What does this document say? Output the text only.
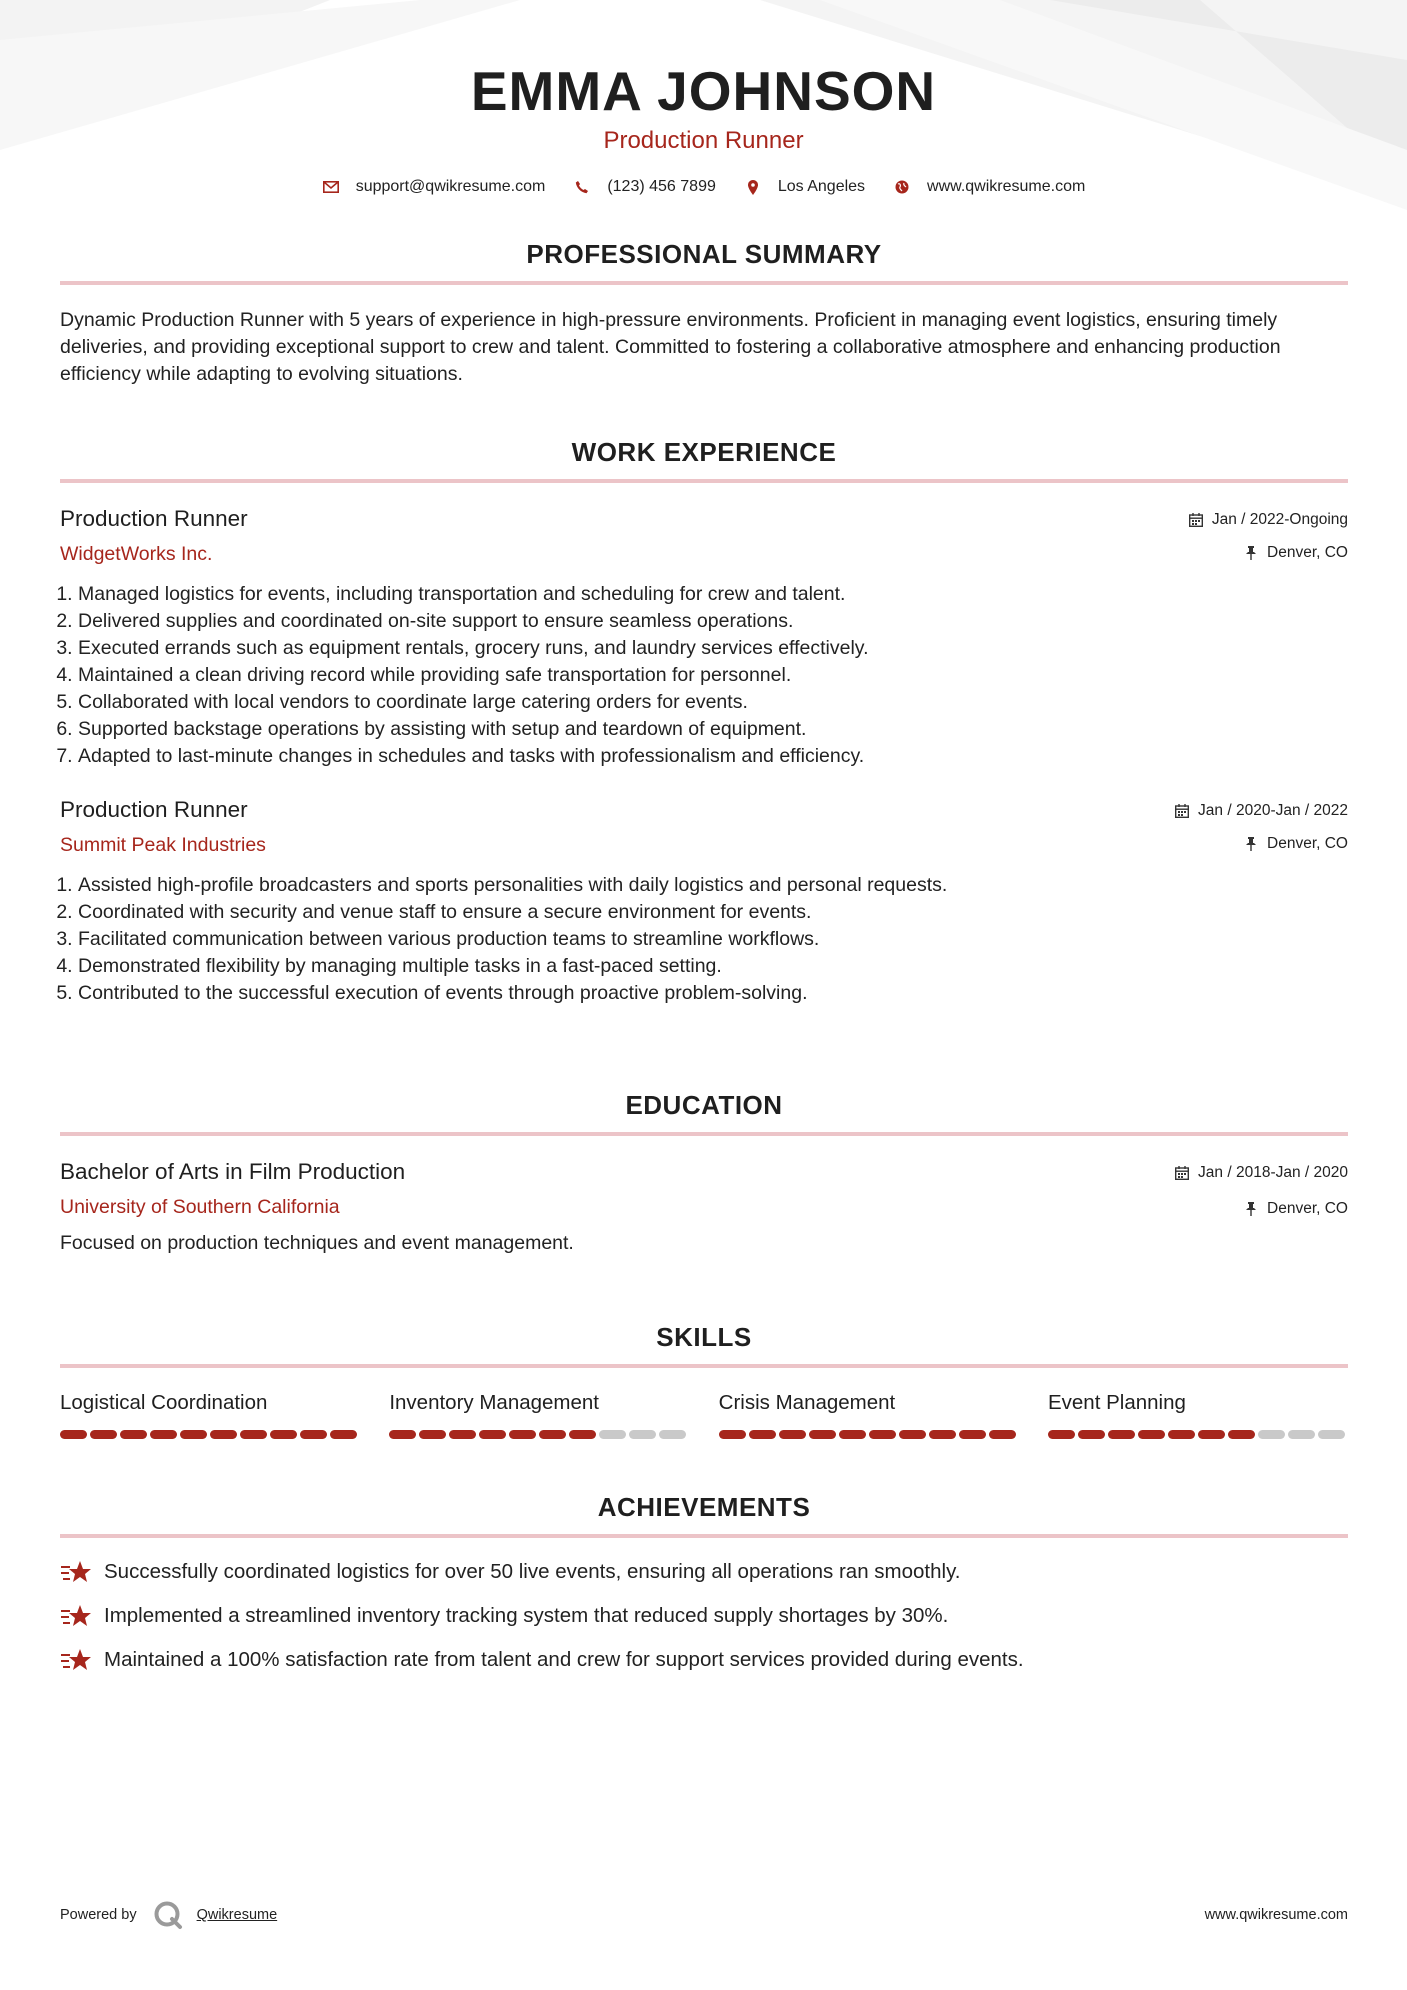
EMMA JOHNSON
Production Runner
support@qwikresume.com	(123) 456 7899	Los Angeles	www.qwikresume.com
PROFESSIONAL SUMMARY
Dynamic Production Runner with 5 years of experience in high-pressure environments. Proficient in managing event logistics, ensuring timely deliveries, and providing exceptional support to crew and talent. Committed to fostering a collaborative atmosphere and enhancing production efficiency while adapting to evolving situations.
WORK EXPERIENCE
Production Runner
WidgetWorks Inc.
Jan / 2022-Ongoing
Denver, CO
1. Managed logistics for events, including transportation and scheduling for crew and talent.
2. Delivered supplies and coordinated on-site support to ensure seamless operations.
3. Executed errands such as equipment rentals, grocery runs, and laundry services effectively.
4. Maintained a clean driving record while providing safe transportation for personnel.
5. Collaborated with local vendors to coordinate large catering orders for events.
6. Supported backstage operations by assisting with setup and teardown of equipment.
7. Adapted to last-minute changes in schedules and tasks with professionalism and efficiency.
Production Runner
Summit Peak Industries
Jan / 2020-Jan / 2022
Denver, CO
1. Assisted high-profile broadcasters and sports personalities with daily logistics and personal requests.
2. Coordinated with security and venue staff to ensure a secure environment for events.
3. Facilitated communication between various production teams to streamline workflows.
4. Demonstrated flexibility by managing multiple tasks in a fast-paced setting.
5. Contributed to the successful execution of events through proactive problem-solving.
EDUCATION
Bachelor of Arts in Film Production
University of Southern California
Jan / 2018-Jan / 2020
Denver, CO
Focused on production techniques and event management.
SKILLS
Logistical Coordination	Inventory Management	Crisis Management	Event Planning
ACHIEVEMENTS
Successfully coordinated logistics for over 50 live events, ensuring all operations ran smoothly.
Implemented a streamlined inventory tracking system that reduced supply shortages by 30%.
Maintained a 100% satisfaction rate from talent and crew for support services provided during events.
Powered by	Qwikresume	www.qwikresume.com
